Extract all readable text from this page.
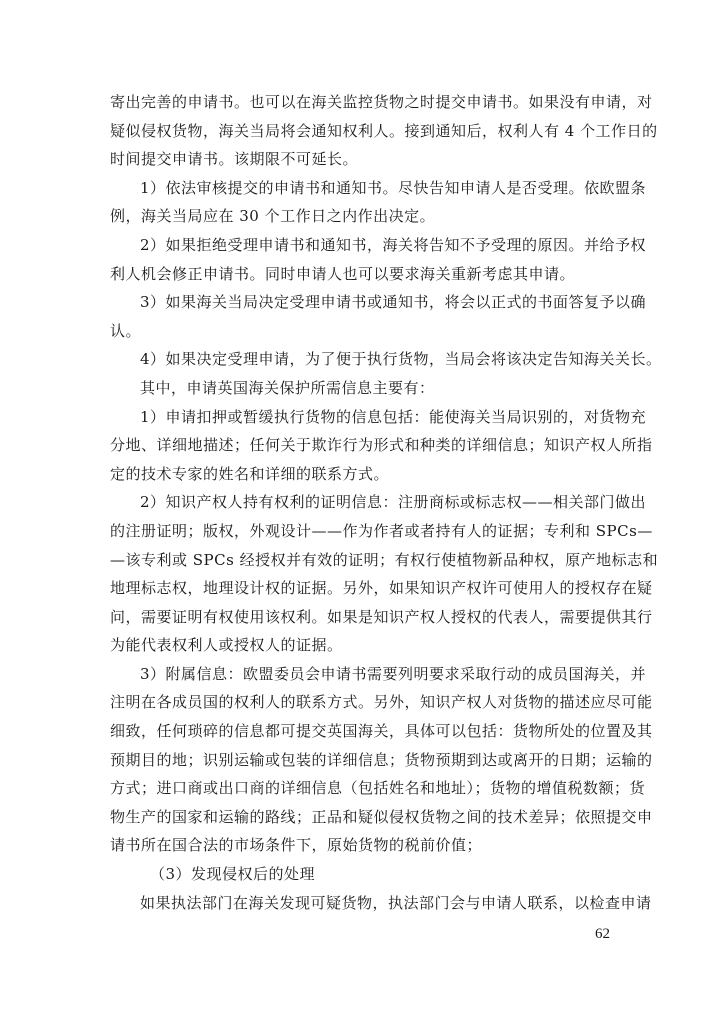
寄出完善的申请书。也可以在海关监控货物之时提交申请书。如果没有申请，对
疑似侵权货物，海关当局将会通知权利人。接到通知后，权利人有 4 个工作日的
时间提交申请书。该期限不可延长。
1）依法审核提交的申请书和通知书。尽快告知申请人是否受理。依欧盟条
例，海关当局应在 30 个工作日之内作出决定。
2）如果拒绝受理申请书和通知书，海关将告知不予受理的原因。并给予权
利人机会修正申请书。同时申请人也可以要求海关重新考虑其申请。
3）如果海关当局决定受理申请书或通知书，将会以正式的书面答复予以确
认。
4）如果决定受理申请，为了便于执行货物，当局会将该决定告知海关关长。
其中，申请英国海关保护所需信息主要有：
1）申请扣押或暂缓执行货物的信息包括：能使海关当局识别的，对货物充
分地、详细地描述；任何关于欺诈行为形式和种类的详细信息；知识产权人所指
定的技术专家的姓名和详细的联系方式。
2）知识产权人持有权利的证明信息：注册商标或标志权——相关部门做出
的注册证明；版权，外观设计——作为作者或者持有人的证据；专利和 SPCs—
—该专利或 SPCs 经授权并有效的证明；有权行使植物新品种权，原产地标志和
地理标志权，地理设计权的证据。另外，如果知识产权许可使用人的授权存在疑
问，需要证明有权使用该权利。如果是知识产权人授权的代表人，需要提供其行
为能代表权利人或授权人的证据。
3）附属信息：欧盟委员会申请书需要列明要求采取行动的成员国海关，并
注明在各成员国的权利人的联系方式。另外，知识产权人对货物的描述应尽可能
细致，任何琐碎的信息都可提交英国海关，具体可以包括：货物所处的位置及其
预期目的地；识别运输或包装的详细信息；货物预期到达或离开的日期；运输的
方式；进口商或出口商的详细信息（包括姓名和地址）；货物的增值税数额；货
物生产的国家和运输的路线；正品和疑似侵权货物之间的技术差异；依照提交申
请书所在国合法的市场条件下，原始货物的税前价值；
（3）发现侵权后的处理
如果执法部门在海关发现可疑货物，执法部门会与申请人联系，以检查申请
62
